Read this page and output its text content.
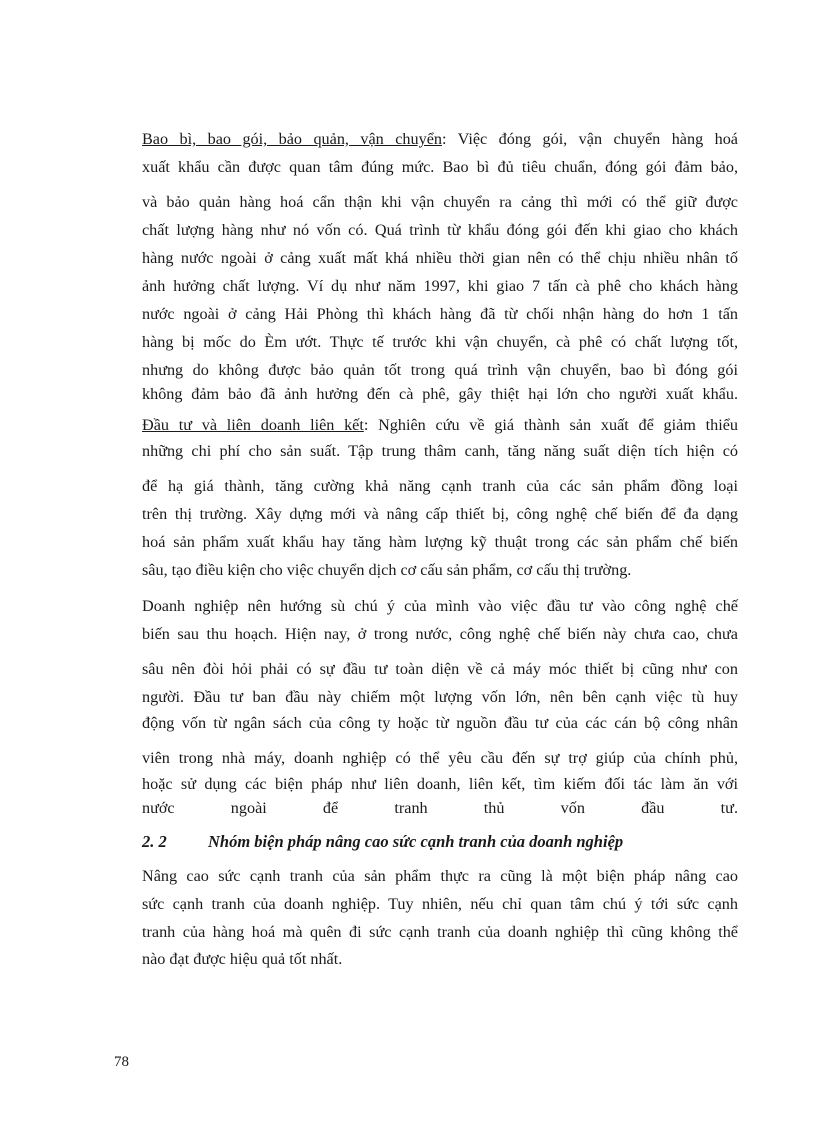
Bao bì, bao gói, bảo quản, vận chuyển: Việc đóng gói, vận chuyển hàng hoá
xuất khẩu cần được quan tâm đúng mức. Bao bì đủ tiêu chuẩn, đóng gói đảm bảo,
và bảo quản hàng hoá cẩn thận khi vận chuyển ra cảng thì mới có thể giữ được
chất lượng hàng như nó vốn có. Quá trình từ khẩu đóng gói đến khi giao cho khách
hàng nước ngoài ở cảng xuất mất khá nhiều thời gian nên có thể chịu nhiều nhân tố
ảnh hưởng chất lượng. Ví dụ như năm 1997, khi giao 7 tấn cà phê cho khách hàng
nước ngoài ở cảng Hải Phòng thì khách hàng đã từ chối nhận hàng do hơn 1 tấn
hàng bị mốc do Èm ướt. Thực tế trước khi vận chuyển, cà phê có chất lượng tốt,
nhưng do không được bảo quản tốt trong quá trình vận chuyển, bao bì đóng gói
không đảm bảo đã ảnh hưởng đến cà phê, gây thiệt hại lớn cho người xuất khẩu.
Đầu tư và liên doanh liên kết: Nghiên cứu về giá thành sản xuất để giảm thiểu
những chi phí cho sản suất. Tập trung thâm canh, tăng năng suất diện tích hiện có
để hạ giá thành, tăng cường khả năng cạnh tranh của các sản phẩm đồng loại
trên thị trường. Xây dựng mới và nâng cấp thiết bị, công nghệ chế biến để đa dạng
hoá sản phẩm xuất khẩu hay tăng hàm lượng kỹ thuật trong các sản phẩm chế biến
sâu, tạo điều kiện cho việc chuyển dịch cơ cấu sản phẩm, cơ cấu thị trường.
Doanh nghiệp nên hướng sù chú ý của mình vào việc đầu tư vào công nghệ chế
biến sau thu hoạch. Hiện nay, ở trong nước, công nghệ chế biến này chưa cao, chưa
sâu nên đòi hỏi phải có sự đầu tư toàn diện về cả máy móc thiết bị cũng như con
người. Đầu tư ban đầu này chiếm một lượng vốn lớn, nên bên cạnh việc tù huy
động vốn từ ngân sách của công ty hoặc từ nguồn đầu tư của các cán bộ công nhân
viên trong nhà máy, doanh nghiệp có thể yêu cầu đến sự trợ giúp của chính phủ,
hoặc sử dụng các biện pháp như liên doanh, liên kết, tìm kiếm đối tác làm ăn với
nước ngoài để tranh thủ vốn đầu tư.
2. 2	Nhóm biện pháp nâng cao sức cạnh tranh của doanh nghiệp
Nâng cao sức cạnh tranh của sản phẩm thực ra cũng là một biện pháp nâng cao
sức cạnh tranh của doanh nghiệp. Tuy nhiên, nếu chỉ quan tâm chú ý tới sức cạnh
tranh của hàng hoá mà quên đi sức cạnh tranh của doanh nghiệp thì cũng không thể
nào đạt được hiệu quả tốt nhất.
78
